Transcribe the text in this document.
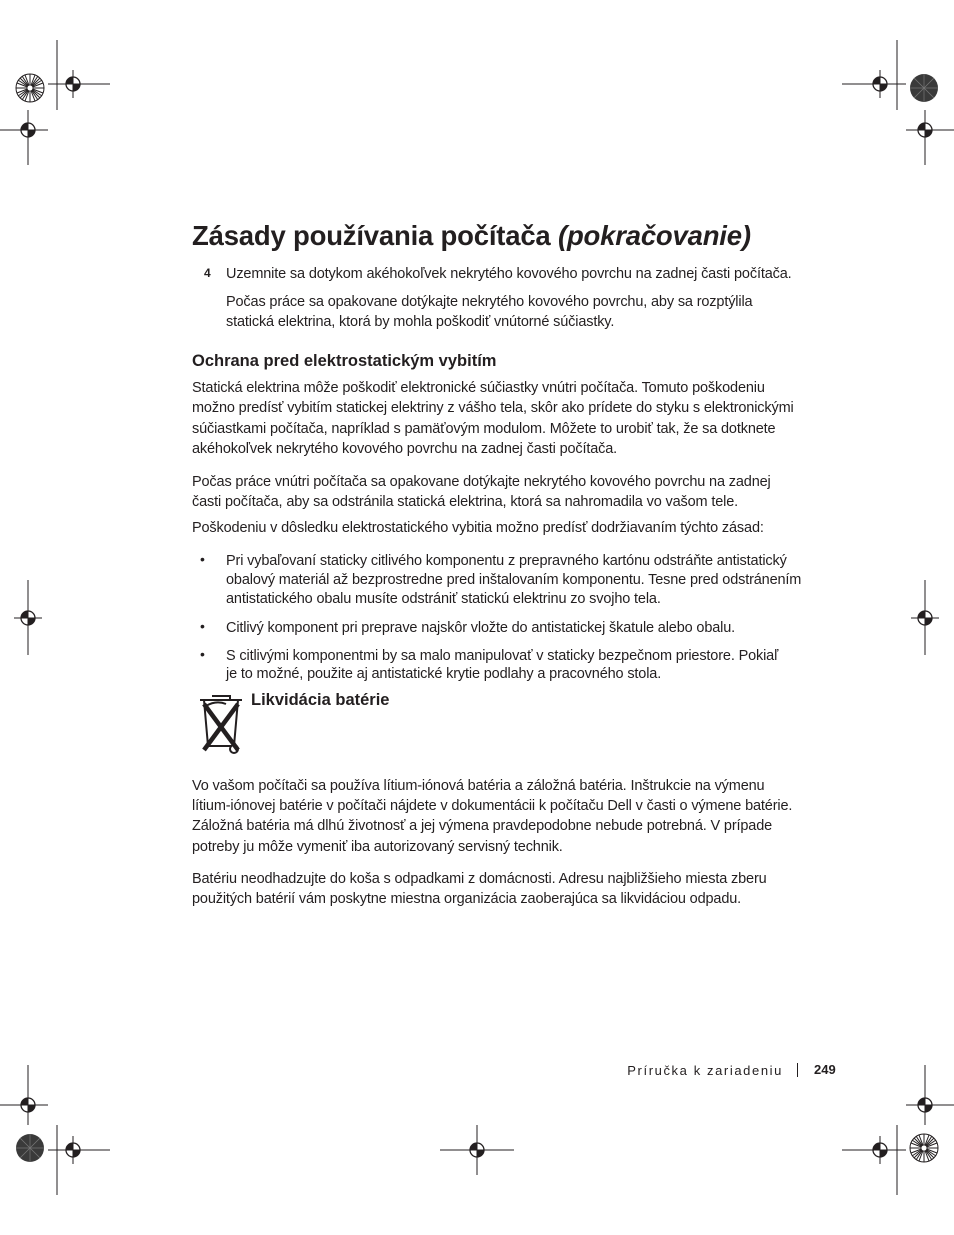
Zásady používania počítača (pokračovanie)
4 Uzemnite sa dotykom akéhokoľvek nekrytého kovového povrchu na zadnej časti počítača.

Počas práce sa opakovane dotýkajte nekrytého kovového povrchu, aby sa rozptýlila

statická elektrina, ktorá by mohla poškodiť vnútorné súčiastky.

Ochrana pred elektrostatickým vybitím

Statická elektrina môže poškodiť elektronické súčiastky vnútri počítača. Tomuto poškodeniu

možno predísť vybitím statickej elektriny z vášho tela, skôr ako prídete do styku s elektronickými

súčiastkami počítača, napríklad s pamäťovým modulom. Môžete to urobiť tak, že sa dotknete

akéhokoľvek nekrytého kovového povrchu na zadnej časti počítača.

Počas práce vnútri počítača sa opakovane dotýkajte nekrytého kovového povrchu na zadnej

časti počítača, aby sa odstránila statická elektrina, ktorá sa nahromadila vo vašom tele.

Poškodeniu v dôsledku elektrostatického vybitia možno predísť dodržiavaním týchto zásad:

• Pri vybaľovaní staticky citlivého komponentu z prepravného kartónu odstráňte antistatický

obalový materiál až bezprostredne pred inštalovaním komponentu. Tesne pred odstránením

antistatického obalu musíte odstrániť statickú elektrinu zo svojho tela.

• Citlivý komponent pri preprave najskôr vložte do antistatickej škatule alebo obalu.

• S citlivými komponentmi by sa malo manipulovať v staticky bezpečnom priestore. Pokiaľ

je to možné, použite aj antistatické krytie podlahy a pracovného stola.

Likvidácia batérie

Vo vašom počítači sa používa lítium-iónová batéria a záložná batéria. Inštrukcie na výmenu

lítium-iónovej batérie v počítači nájdete v dokumentácii k počítaču Dell v časti o výmene batérie.

Záložná batéria má dlhú životnosť a jej výmena pravdepodobne nebude potrebná. V prípade

potreby ju môže vymeniť iba autorizovaný servisný technik.

Batériu neodhadzujte do koša s odpadkami z domácnosti. Adresu najbližšieho miesta zberu

použitých batérií vám poskytne miestna organizácia zaoberajúca sa likvidáciou odpadu.

Príručka k zariadeniu 249
